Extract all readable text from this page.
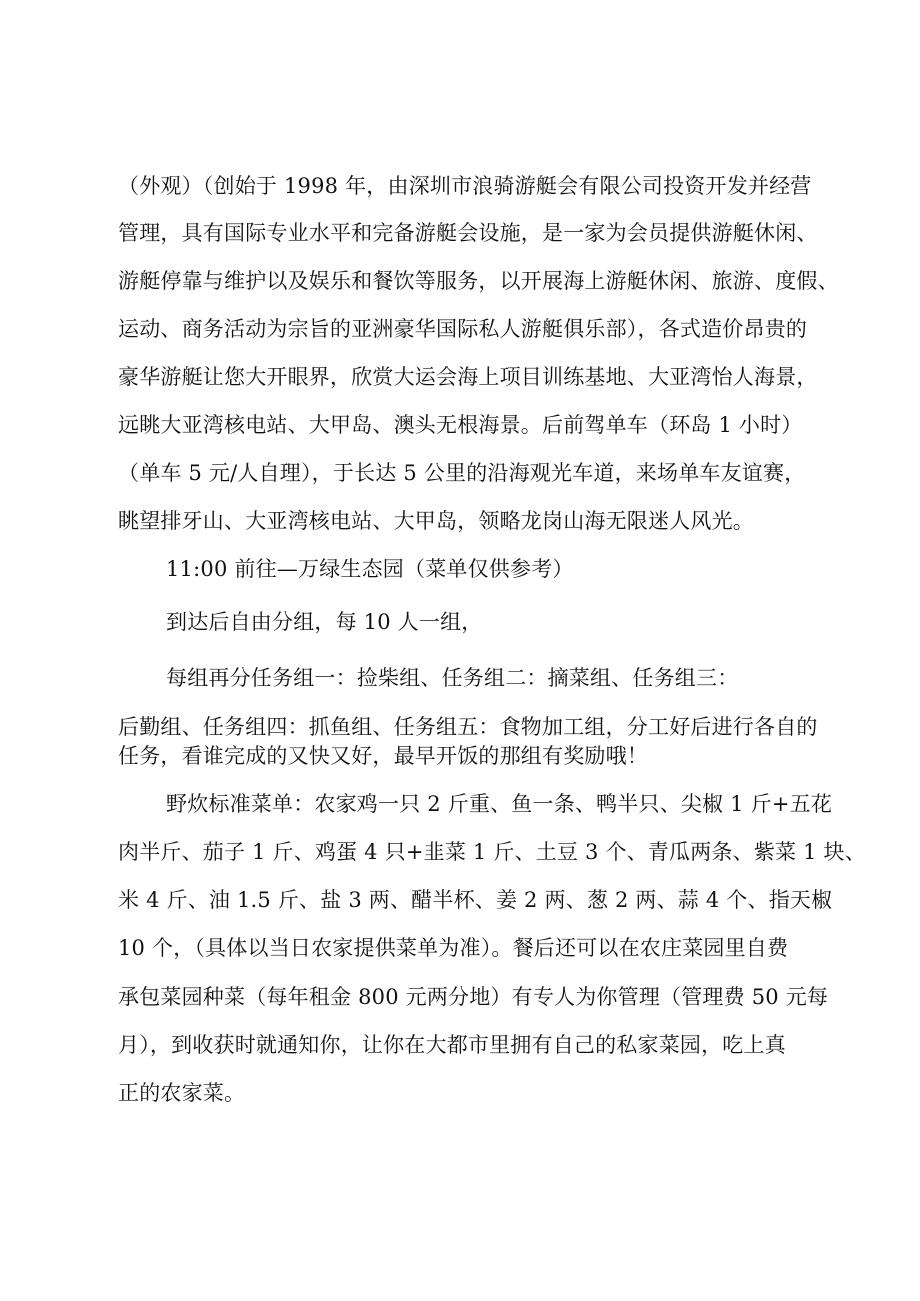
（外观）（创始于 1998 年，由深圳市浪骑游艇会有限公司投资开发并经营
管理，具有国际专业水平和完备游艇会设施，是一家为会员提供游艇休闲、
游艇停靠与维护以及娱乐和餐饮等服务，以开展海上游艇休闲、旅游、度假、
运动、商务活动为宗旨的亚洲豪华国际私人游艇俱乐部），各式造价昂贵的
豪华游艇让您大开眼界，欣赏大运会海上项目训练基地、大亚湾怡人海景，
远眺大亚湾核电站、大甲岛、澳头无根海景。后前驾单车（环岛 1 小时）
（单车 5 元/人自理），于长达 5 公里的沿海观光车道，来场单车友谊赛，
眺望排牙山、大亚湾核电站、大甲岛，领略龙岗山海无限迷人风光。
11:00 前往—万绿生态园（菜单仅供参考）
到达后自由分组，每 10 人一组，
每组再分任务组一：捡柴组、任务组二：摘菜组、任务组三：
后勤组、任务组四：抓鱼组、任务组五：食物加工组，分工好后进行各自的
任务，看谁完成的又快又好，最早开饭的那组有奖励哦！
野炊标准菜单：农家鸡一只 2 斤重、鱼一条、鸭半只、尖椒 1 斤+五花
肉半斤、茄子 1 斤、鸡蛋 4 只+韭菜 1 斤、土豆 3 个、青瓜两条、紫菜 1 块、
米 4 斤、油 1.5 斤、盐 3 两、醋半杯、姜 2 两、葱 2 两、蒜 4 个、指天椒
10 个，（具体以当日农家提供菜单为准）。餐后还可以在农庄菜园里自费
承包菜园种菜（每年租金 800 元两分地）有专人为你管理（管理费 50 元每
月），到收获时就通知你，让你在大都市里拥有自己的私家菜园，吃上真
正的农家菜。
